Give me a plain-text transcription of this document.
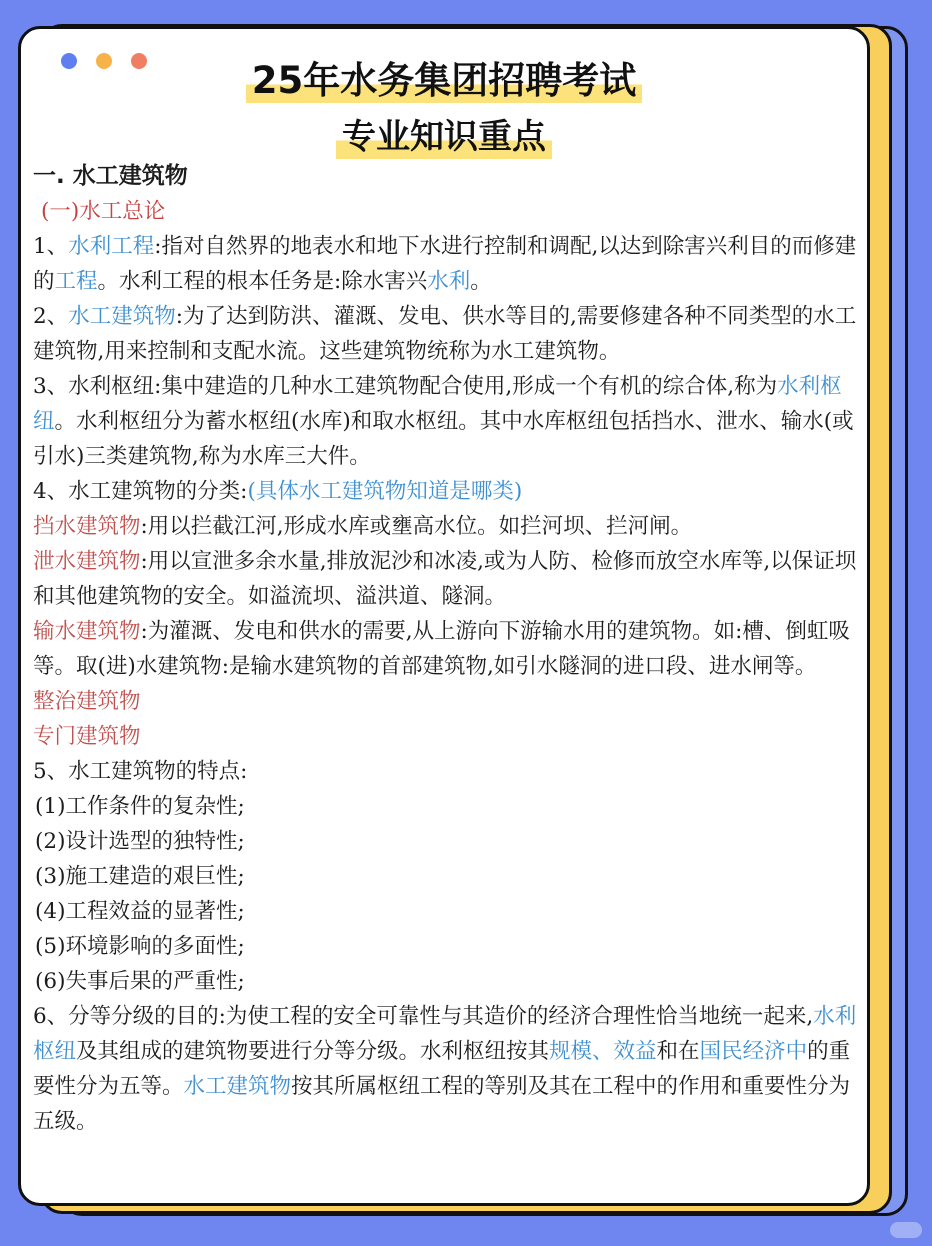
25年水务集团招聘考试
专业知识重点

一. 水工建筑物

(一)水工总论

1、水利工程:指对自然界的地表水和地下水进行控制和调配,以达到除害兴利目的而修建的工程。水利工程的根本任务是:除水害兴水利。

2、水工建筑物:为了达到防洪、灌溉、发电、供水等目的,需要修建各种不同类型的水工建筑物,用来控制和支配水流。这些建筑物统称为水工建筑物。

3、水利枢纽:集中建造的几种水工建筑物配合使用,形成一个有机的综合体,称为水利枢纽。水利枢纽分为蓄水枢纽(水库)和取水枢纽。其中水库枢纽包括挡水、泄水、输水(或引水)三类建筑物,称为水库三大件。

4、水工建筑物的分类:(具体水工建筑物知道是哪类)

挡水建筑物:用以拦截江河,形成水库或壅高水位。如拦河坝、拦河闸。

泄水建筑物:用以宣泄多余水量,排放泥沙和冰凌,或为人防、检修而放空水库等,以保证坝和其他建筑物的安全。如溢流坝、溢洪道、隧洞。

输水建筑物:为灌溉、发电和供水的需要,从上游向下游输水用的建筑物。如:槽、倒虹吸等。取(进)水建筑物:是输水建筑物的首部建筑物,如引水隧洞的进口段、进水闸等。

整治建筑物

专门建筑物

5、水工建筑物的特点:

(1)工作条件的复杂性;

(2)设计选型的独特性;

(3)施工建造的艰巨性;

(4)工程效益的显著性;

(5)环境影响的多面性;

(6)失事后果的严重性;

6、分等分级的目的:为使工程的安全可靠性与其造价的经济合理性恰当地统一起来,水利枢纽及其组成的建筑物要进行分等分级。水利枢纽按其规模、效益和在国民经济中的重要性分为五等。水工建筑物按其所属枢纽工程的等别及其在工程中的作用和重要性分为五级。
